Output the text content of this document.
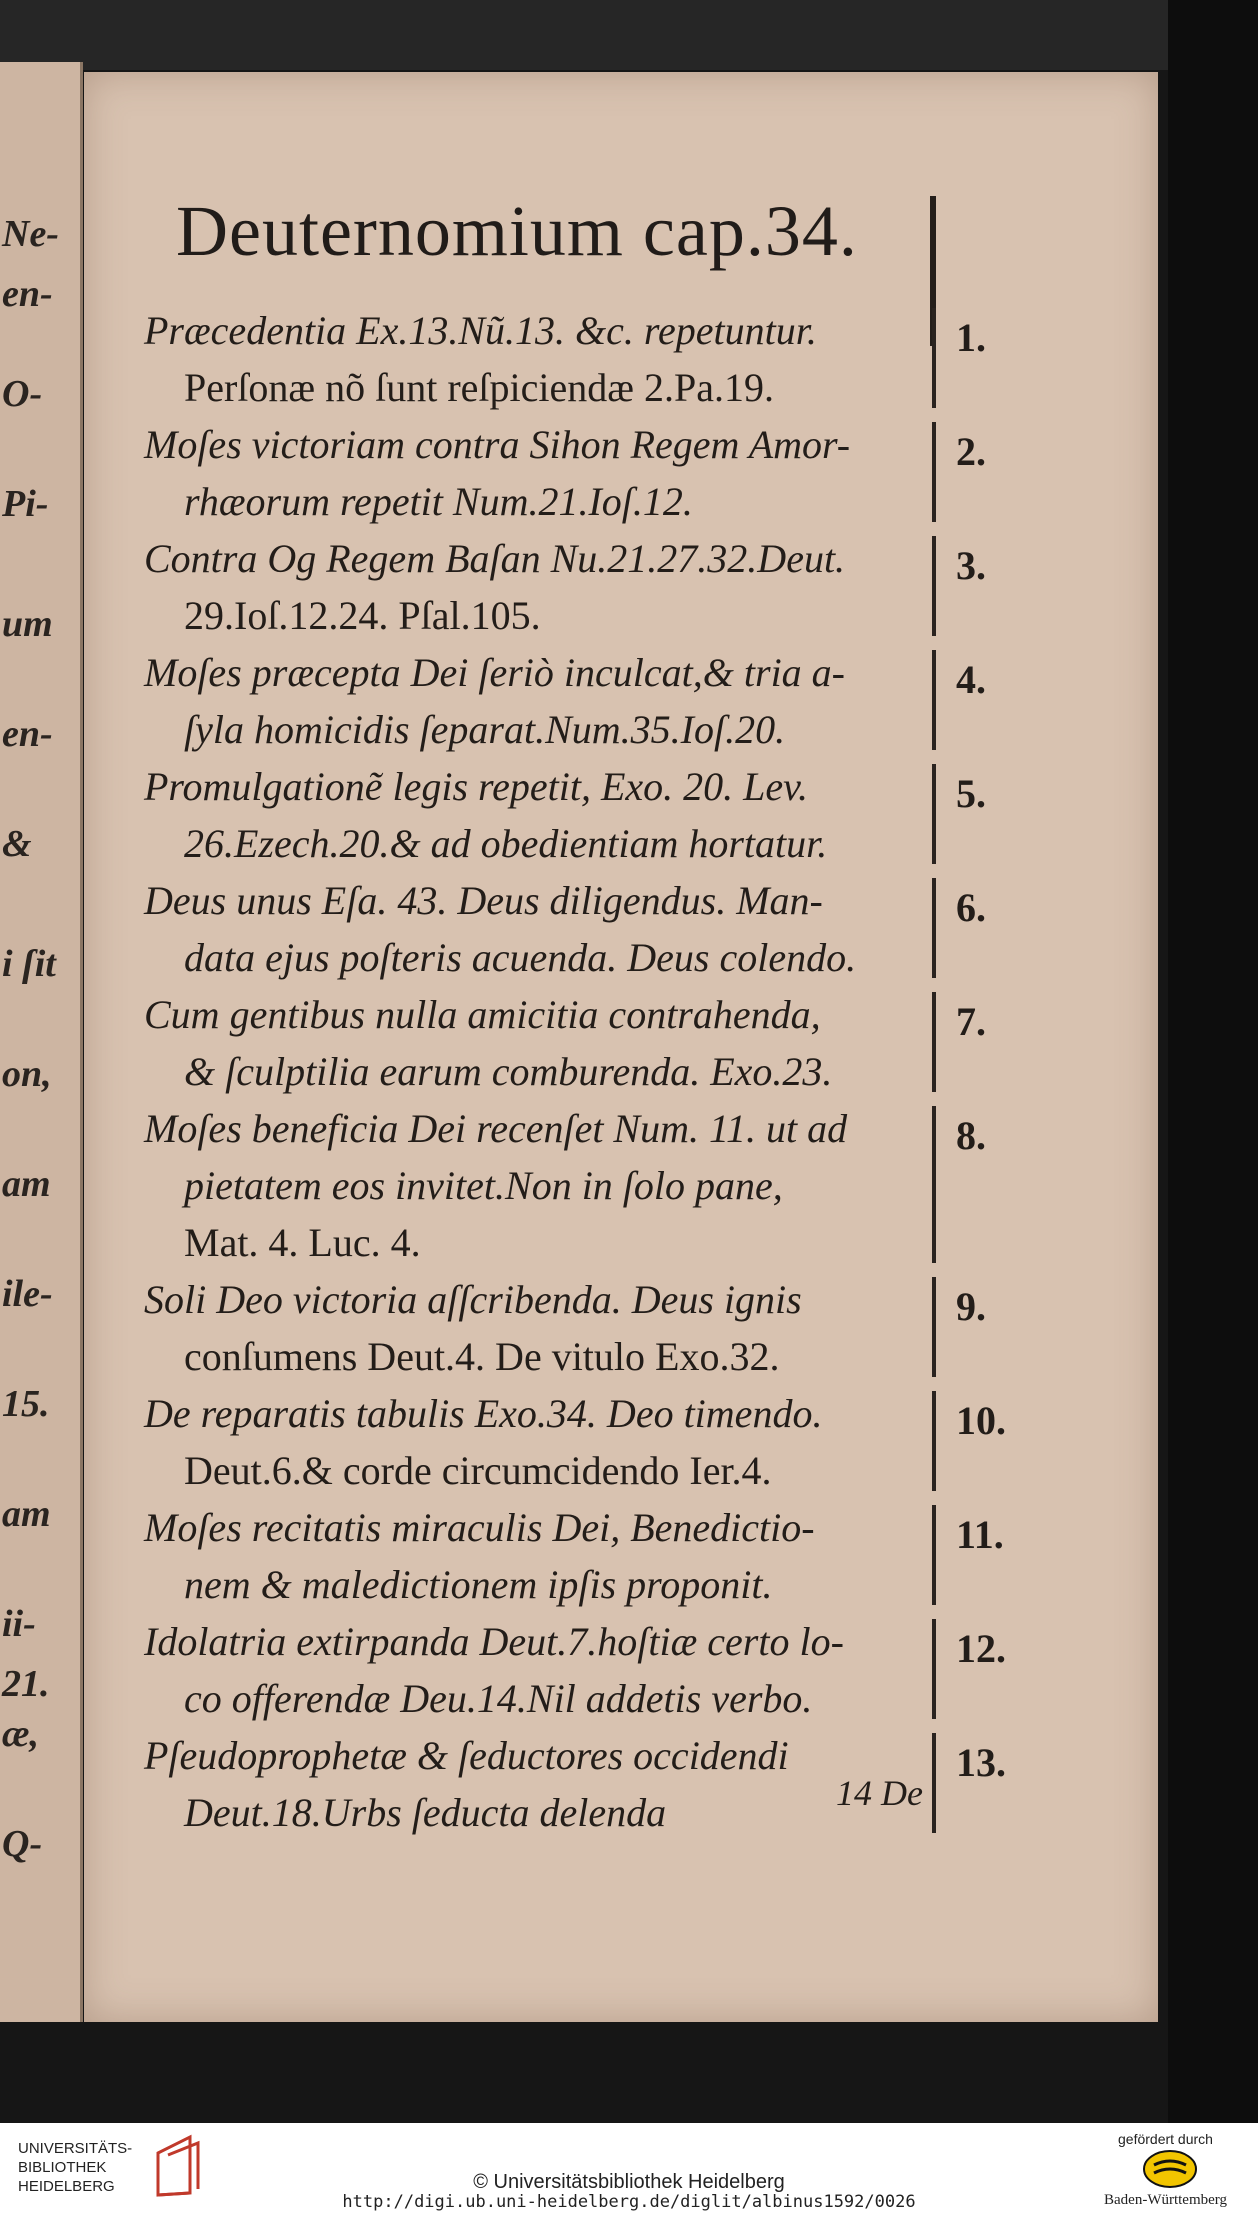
Ne-
en-
O-
Pi-
um
en-
&
i ſit
on,
am
ile-
15.
am
ii-
21.
æ,
Q-
Deuternomium cap.34.
Præcedentia Ex.13.Nũ.13. &c. repetuntur.
Perſonæ nõ ſunt reſpiciendæ 2.Pa.19.
1.
Moſes victoriam contra Sihon Regem Amor-
rhæorum repetit Num.21.Ioſ.12.
2.
Contra Og Regem Baſan Nu.21.27.32.Deut.
29.Ioſ.12.24. Pſal.105.
3.
Moſes præcepta Dei ſeriò inculcat,& tria a-
ſyla homicidis ſeparat.Num.35.Ioſ.20.
4.
Promulgationẽ legis repetit, Exo. 20. Lev.
26.Ezech.20.& ad obedientiam hortatur.
5.
Deus unus Eſa. 43. Deus diligendus. Man-
data ejus poſteris acuenda. Deus colendo.
6.
Cum gentibus nulla amicitia contrahenda,
& ſculptilia earum comburenda. Exo.23.
7.
Moſes beneficia Dei recenſet Num. 11. ut ad
pietatem eos invitet.Non in ſolo pane,
Mat. 4. Luc. 4.
8.
Soli Deo victoria aſſcribenda. Deus ignis
conſumens Deut.4. De vitulo Exo.32.
9.
De reparatis tabulis Exo.34. Deo timendo.
Deut.6.& corde circumcidendo Ier.4.
10.
Moſes recitatis miraculis Dei, Benedictio-
nem & maledictionem ipſis proponit.
11.
Idolatria extirpanda Deut.7.hoſtiæ certo lo-
co offerendæ Deu.14.Nil addetis verbo.
12.
Pſeudoprophetæ & ſeductores occidendi
Deut.18.Urbs ſeducta delenda
13.
14 De
UNIVERSITÄTS-
BIBLIOTHEK
HEIDELBERG	© Universitätsbibliothek Heidelberg
http://digi.ub.uni-heidelberg.de/diglit/albinus1592/0026
gefördert durch
Baden-Württemberg
